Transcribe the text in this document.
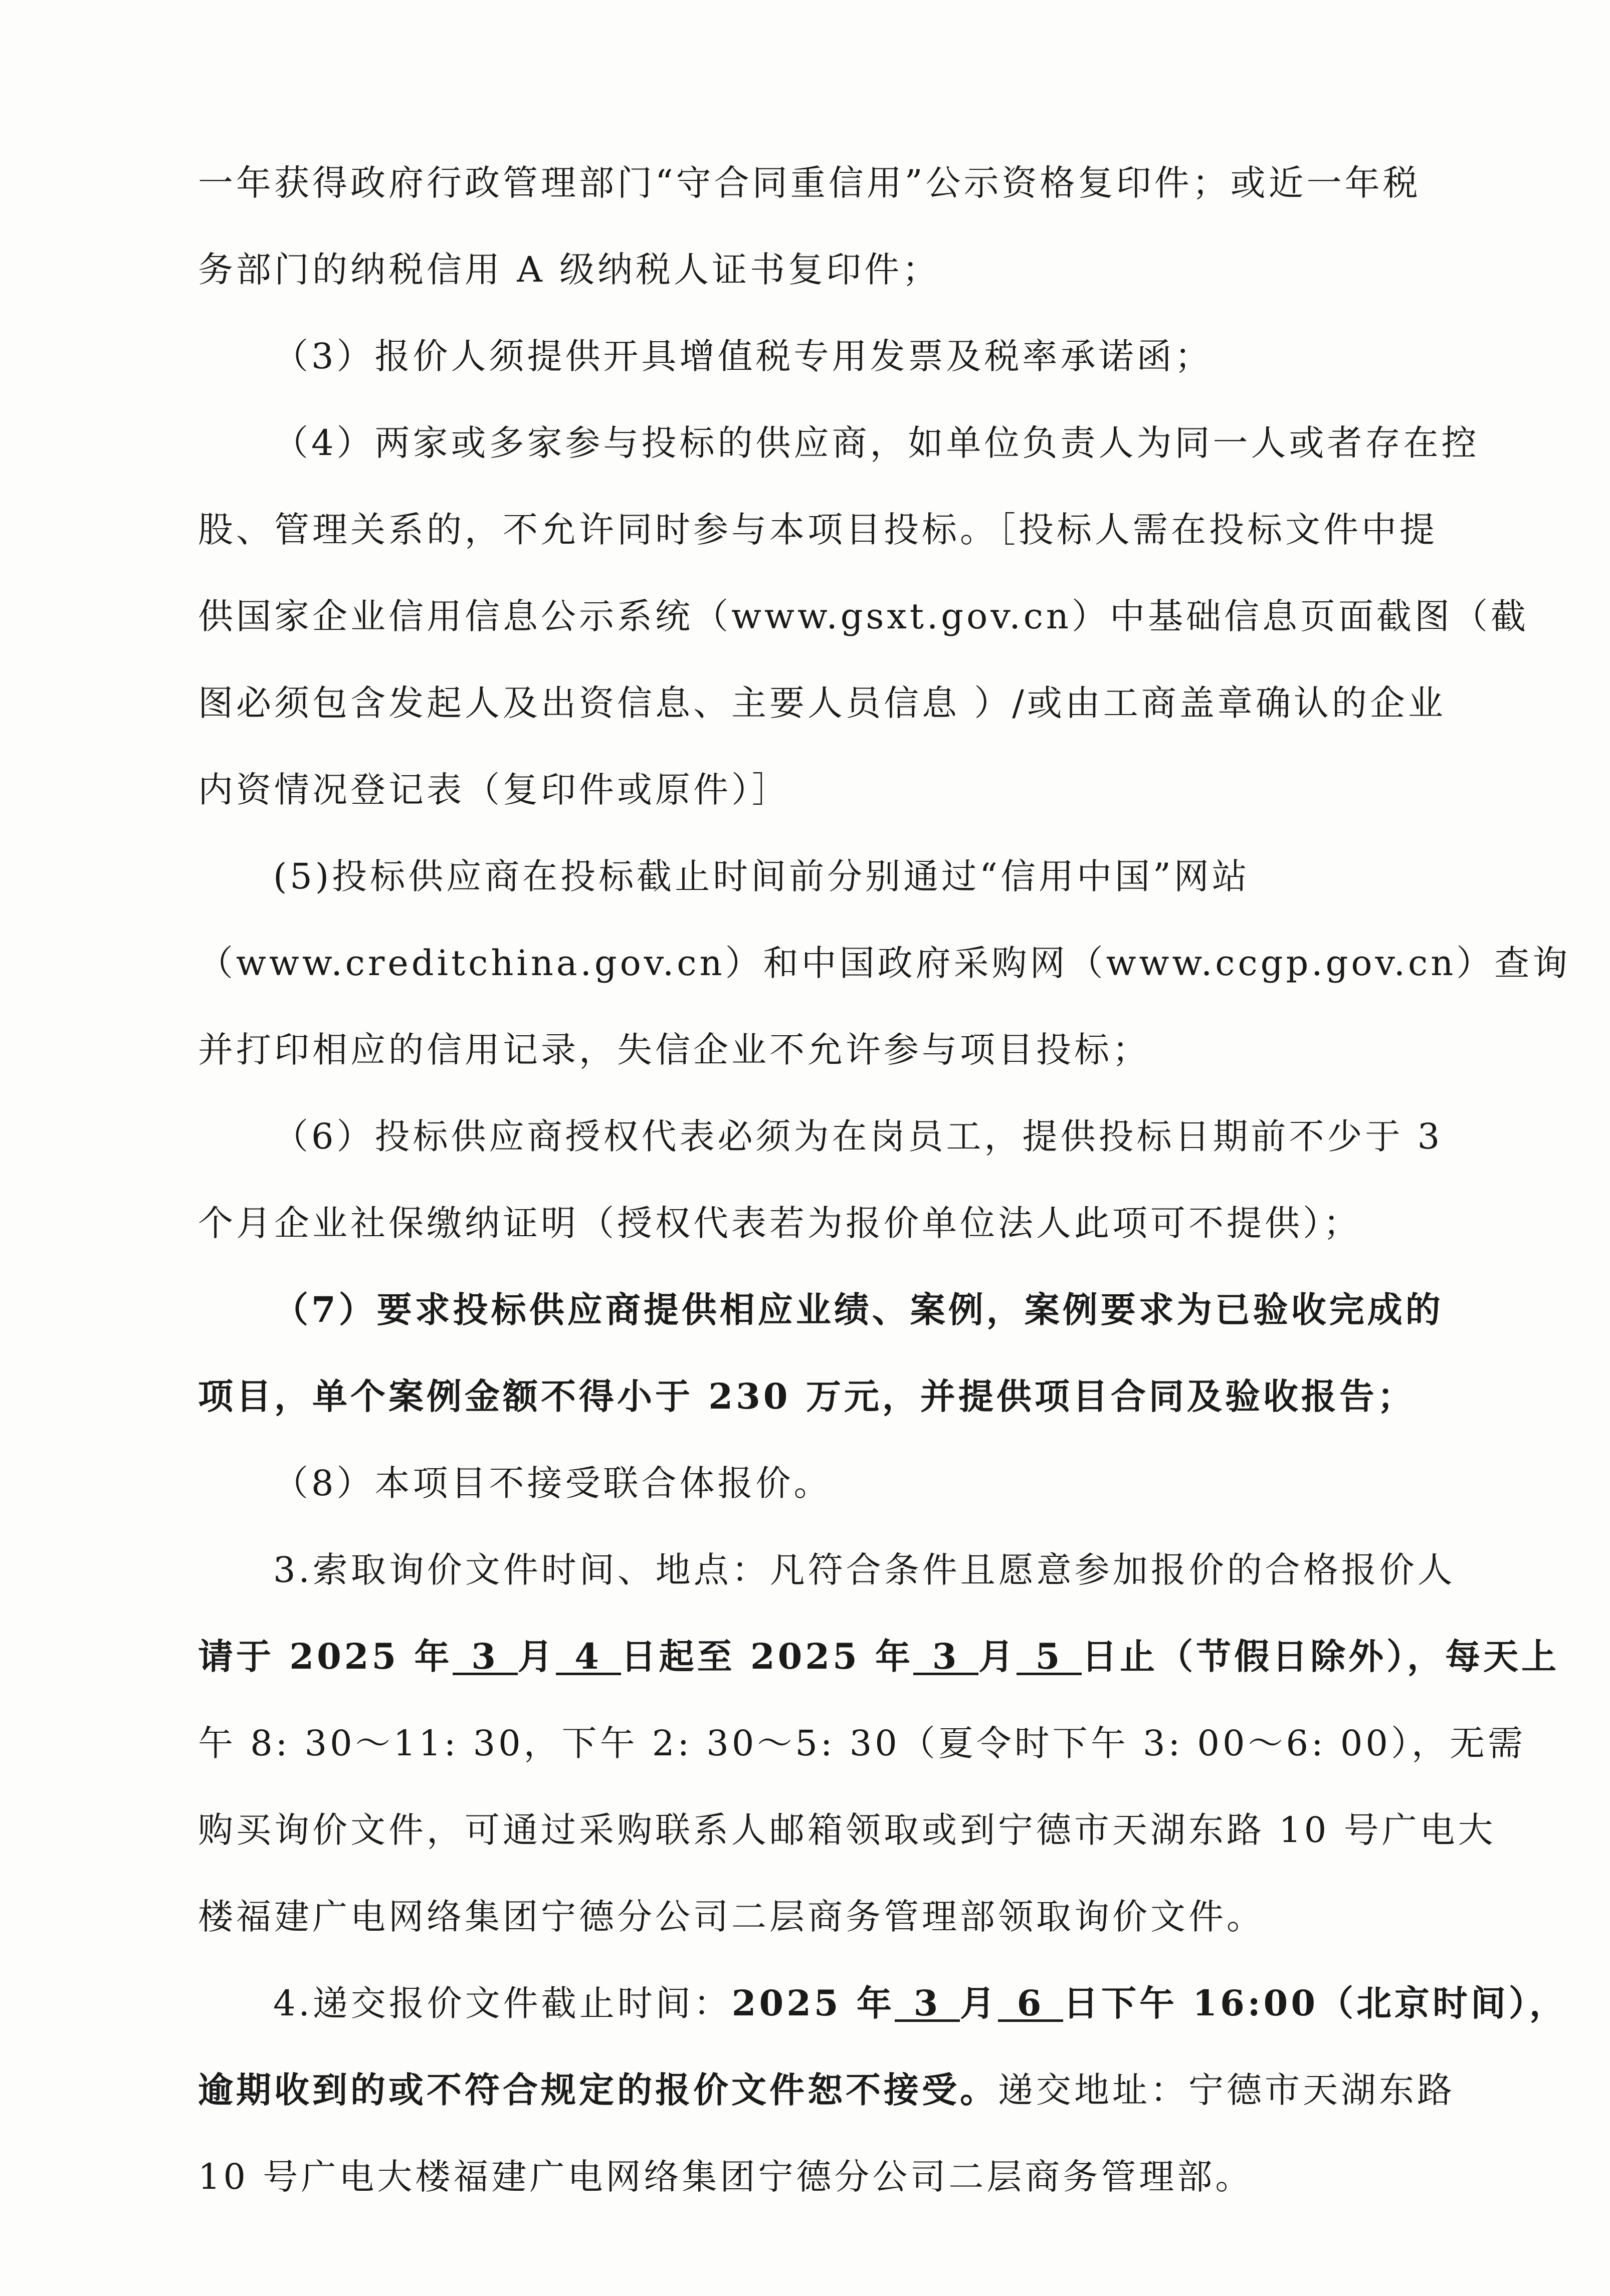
一年获得政府行政管理部门“守合同重信用”公示资格复印件；或近一年税
务部门的纳税信用 A 级纳税人证书复印件；
（3）报价人须提供开具增值税专用发票及税率承诺函；
（4）两家或多家参与投标的供应商，如单位负责人为同一人或者存在控
股、管理关系的，不允许同时参与本项目投标。［投标人需在投标文件中提
供国家企业信用信息公示系统（www.gsxt.gov.cn）中基础信息页面截图（截
图必须包含发起人及出资信息、主要人员信息 ）/或由工商盖章确认的企业
内资情况登记表（复印件或原件）］
(5)投标供应商在投标截止时间前分别通过“信用中国”网站
（www.creditchina.gov.cn）和中国政府采购网（www.ccgp.gov.cn）查询
并打印相应的信用记录，失信企业不允许参与项目投标；
（6）投标供应商授权代表必须为在岗员工，提供投标日期前不少于 3
个月企业社保缴纳证明（授权代表若为报价单位法人此项可不提供）；
（7）要求投标供应商提供相应业绩、案例，案例要求为已验收完成的
项目，单个案例金额不得小于 230 万元，并提供项目合同及验收报告；
（8）本项目不接受联合体报价。
3.索取询价文件时间、地点：凡符合条件且愿意参加报价的合格报价人
请于 2025 年 3 月 4 日起至 2025 年 3 月 5 日止（节假日除外），每天上
午 8: 30～11: 30，下午 2: 30～5: 30（夏令时下午 3: 00～6: 00），无需
购买询价文件，可通过采购联系人邮箱领取或到宁德市天湖东路 10 号广电大
楼福建广电网络集团宁德分公司二层商务管理部领取询价文件。
4.递交报价文件截止时间：2025 年 3 月 6 日下午 16:00（北京时间），
逾期收到的或不符合规定的报价文件恕不接受。递交地址：宁德市天湖东路
10 号广电大楼福建广电网络集团宁德分公司二层商务管理部。
